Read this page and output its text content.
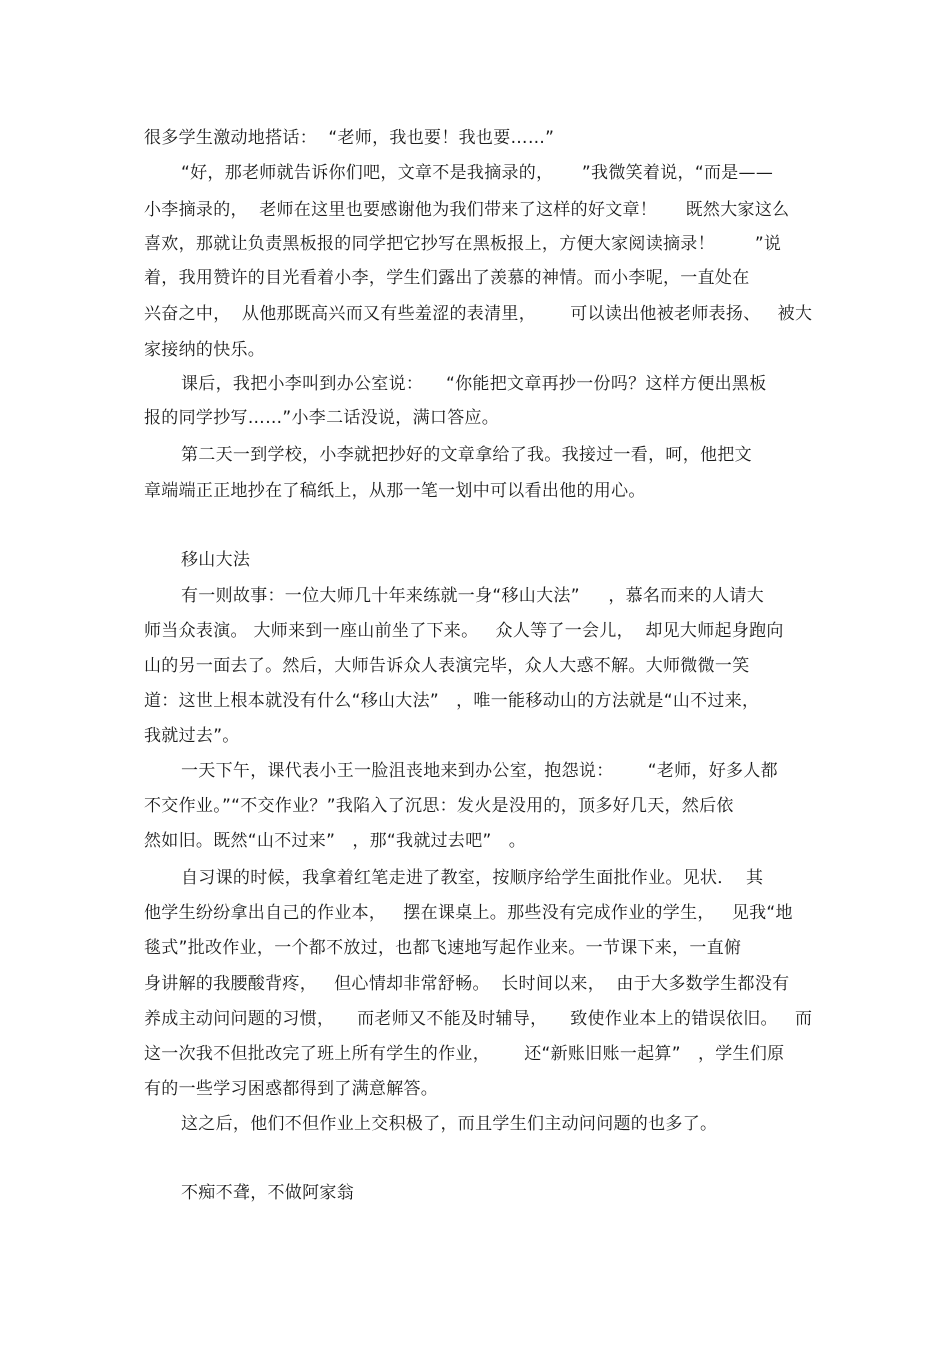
很多学生激动地搭话：  “老师，我也要！我也要……”
“好，那老师就告诉你们吧，文章不是我摘录的，     ”我微笑着说，“而是——
小李摘录的，  老师在这里也要感谢他为我们带来了这样的好文章！     既然大家这么
喜欢，那就让负责黑板报的同学把它抄写在黑板报上，方便大家阅读摘录！       ”说
着，我用赞许的目光看着小李，学生们露出了羡慕的神情。而小李呢，一直处在
兴奋之中，  从他那既高兴而又有些羞涩的表清里，      可以读出他被老师表扬、   被大
家接纳的快乐。
课后，我把小李叫到办公室说：    “你能把文章再抄一份吗？这样方便出黑板
报的同学抄写……”小李二话没说，满口答应。
第二天一到学校，小李就把抄好的文章拿给了我。我接过一看，呵，他把文
章端端正正地抄在了稿纸上，从那一笔一划中可以看出他的用心。
移山大法
有一则故事：一位大师几十年来练就一身“移山大法”     ，慕名而来的人请大
师当众表演。 大师来到一座山前坐了下来。   众人等了一会儿，  却见大师起身跑向
山的另一面去了。然后，大师告诉众人表演完毕，众人大惑不解。大师微微一笑
道：这世上根本就没有什么“移山大法”   ，唯一能移动山的方法就是“山不过来，
我就过去”。
一天下午，课代表小王一脸沮丧地来到办公室，抱怨说：      “老师，好多人都
不交作业。”“不交作业？”我陷入了沉思：发火是没用的，顶多好几天，然后依
然如旧。既然“山不过来”   ，那“我就过去吧”   。
自习课的时候，我拿着红笔走进了教室，按顺序给学生面批作业。见状．  其
他学生纷纷拿出自己的作业本，   摆在课桌上。那些没有完成作业的学生，   见我“地
毯式”批改作业，一个都不放过，也都飞速地写起作业来。一节课下来，一直俯
身讲解的我腰酸背疼，   但心情却非常舒畅。  长时间以来，  由于大多数学生都没有
养成主动问问题的习惯，    而老师又不能及时辅导，    致使作业本上的错误依旧。   而
这一次我不但批改完了班上所有学生的作业，      还“新账旧账一起算”   ，学生们原
有的一些学习困惑都得到了满意解答。
这之后，他们不但作业上交积极了，而且学生们主动问问题的也多了。
不痴不聋，不做阿家翁
